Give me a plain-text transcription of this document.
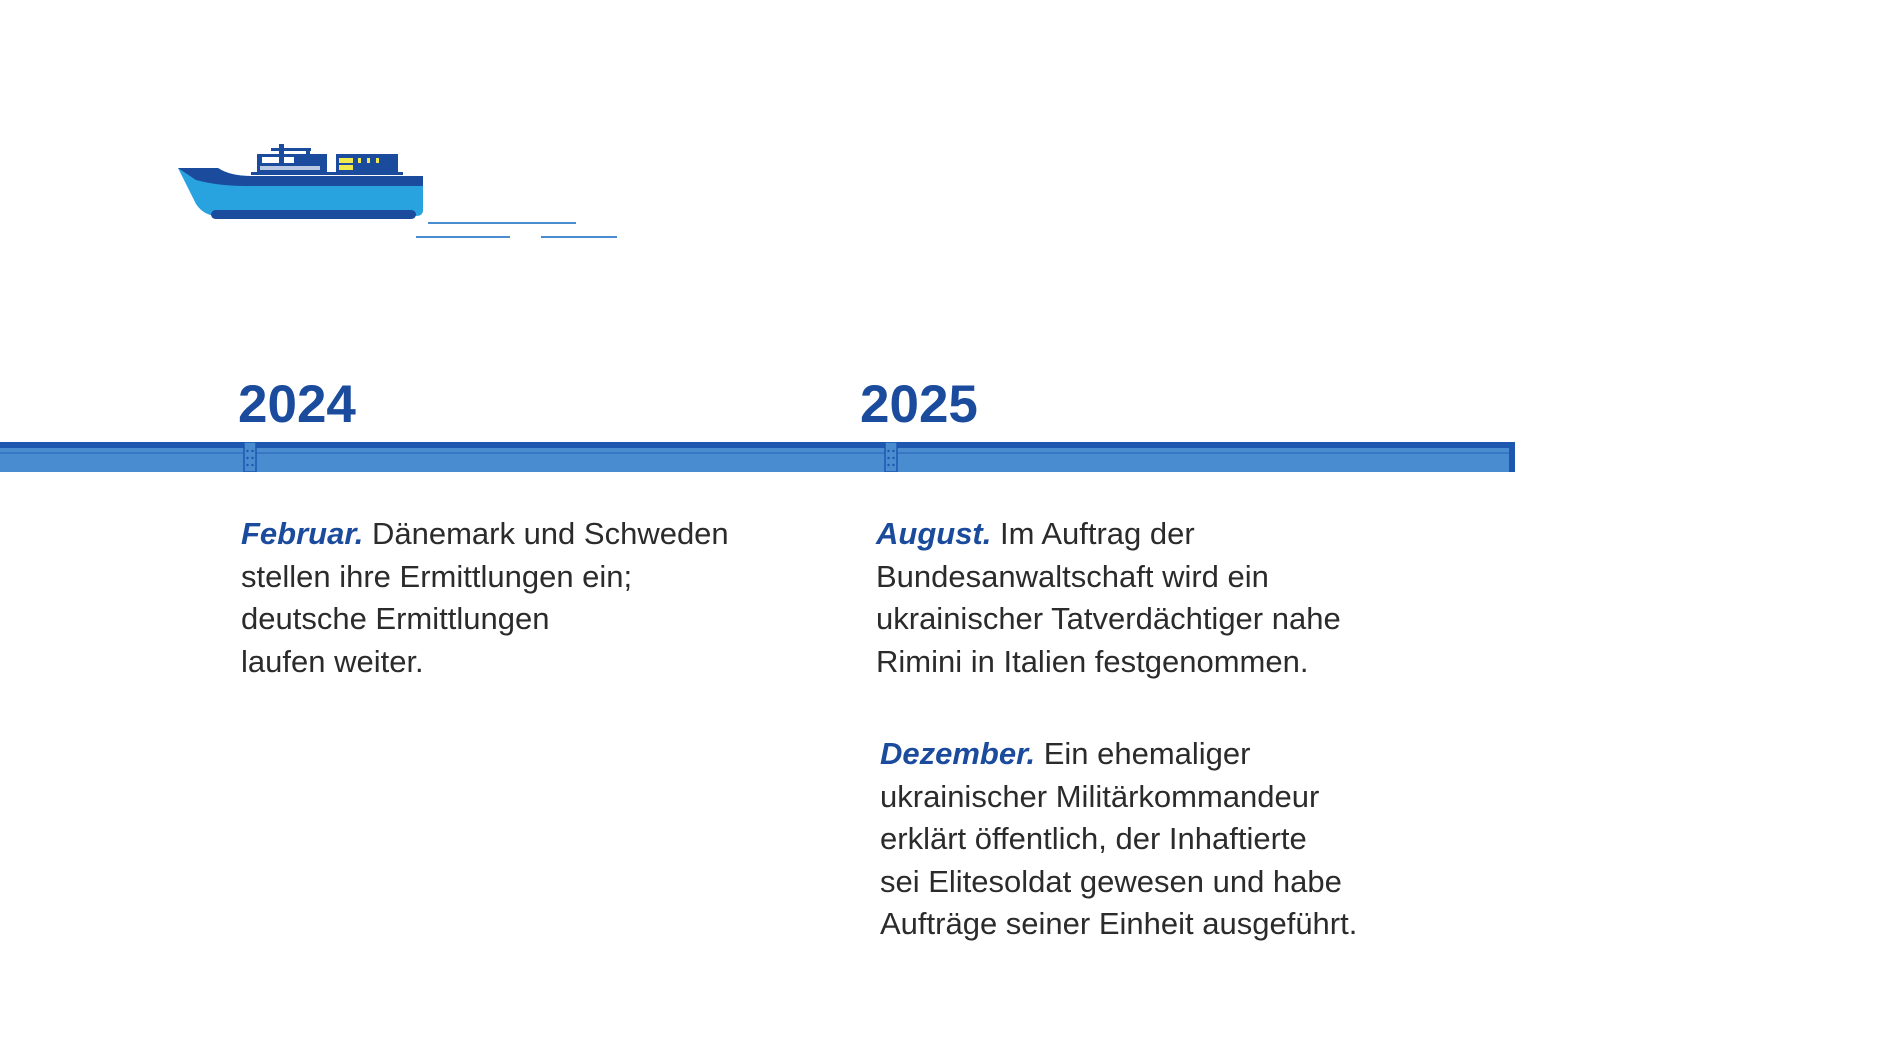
2024	2025
Februar. Dänemark und Schweden
stellen ihre Ermittlungen ein;
deutsche Ermittlungen
laufen weiter.
August. Im Auftrag der
Bundesanwaltschaft wird ein
ukrainischer Tatverdächtiger nahe
Rimini in Italien festgenommen.
Dezember. Ein ehemaliger
ukrainischer Militärkommandeur
erklärt öffentlich, der Inhaftierte
sei Elitesoldat gewesen und habe
Aufträge seiner Einheit ausgeführt.
